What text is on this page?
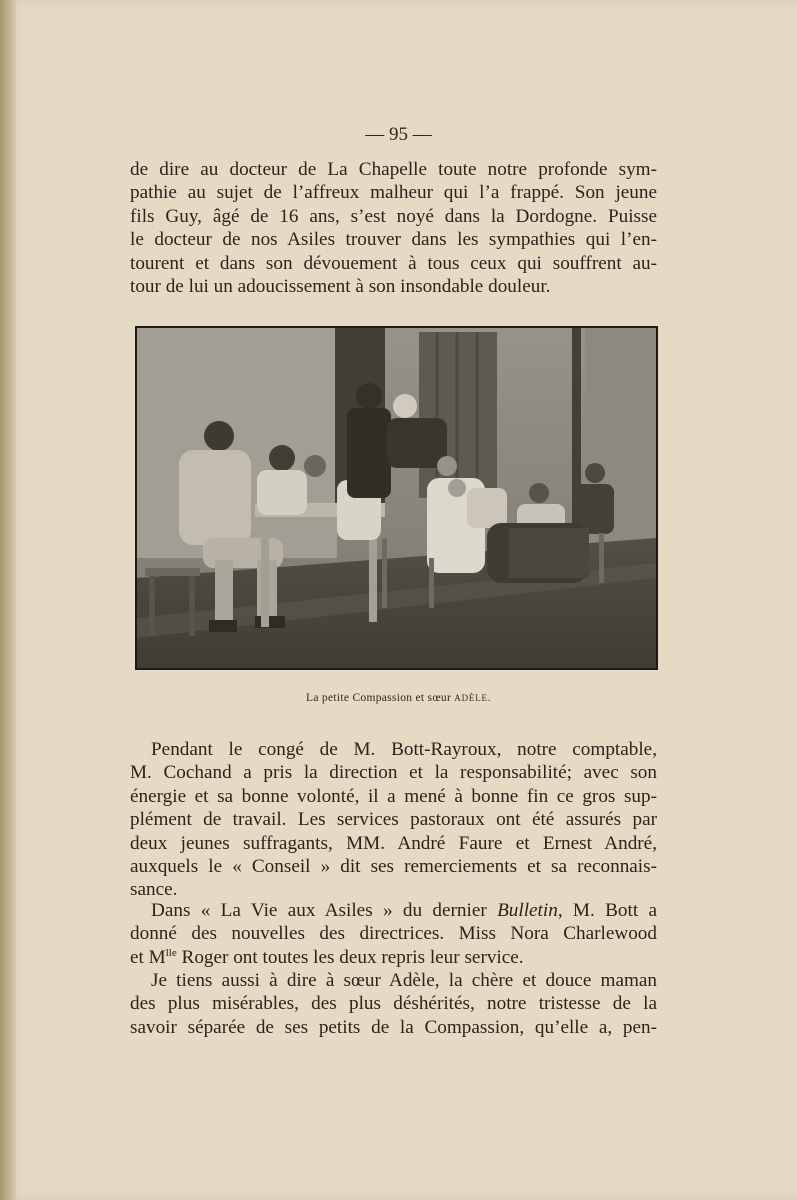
— 95 —

de dire au docteur de La Chapelle toute notre profonde sym-
pathie au sujet de l’affreux malheur qui l’a frappé. Son jeune
fils Guy, âgé de 16 ans, s’est noyé dans la Dordogne. Puisse
le docteur de nos Asiles trouver dans les sympathies qui l’en-
tourent et dans son dévouement à tous ceux qui souffrent au-
tour de lui un adoucissement à son insondable douleur.

La petite Compassion et sœur ADÈLE.

Pendant le congé de M. Bott-Rayroux, notre comptable,
M. Cochand a pris la direction et la responsabilité; avec son
énergie et sa bonne volonté, il a mené à bonne fin ce gros sup-
plément de travail. Les services pastoraux ont été assurés par
deux jeunes suffragants, MM. André Faure et Ernest André,
auxquels le « Conseil » dit ses remerciements et sa reconnais-
sance.

Dans « La Vie aux Asiles » du dernier Bulletin, M. Bott a
donné des nouvelles des directrices. Miss Nora Charlewood
et $M^{lle}$ Roger ont toutes les deux repris leur service.

Je tiens aussi à dire à sœur Adèle, la chère et douce maman
des plus misérables, des plus déshérités, notre tristesse de la
savoir séparée de ses petits de la Compassion, qu’elle a, pen-
